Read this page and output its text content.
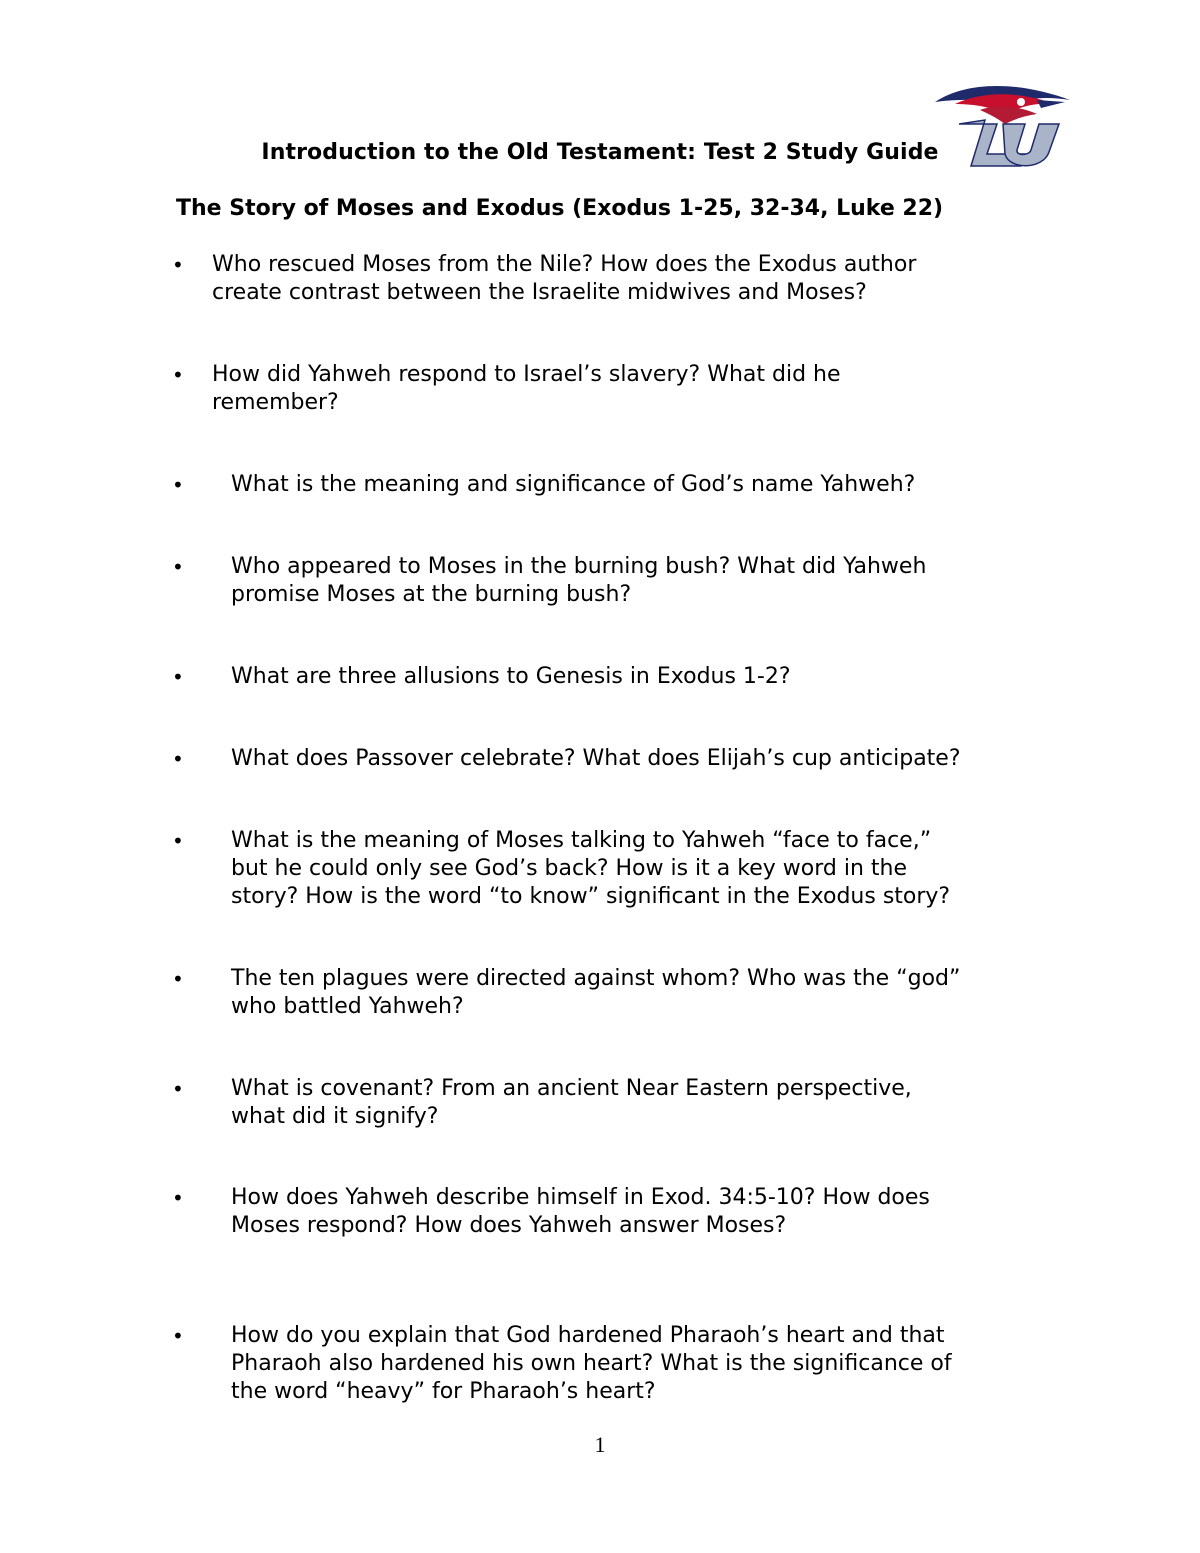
LU
Introduction to the Old Testament: Test 2 Study Guide
The Story of Moses and Exodus (Exodus 1-25, 32-34, Luke 22)
• Who rescued Moses from the Nile? How does the Exodus author
create contrast between the Israelite midwives and Moses?
• How did Yahweh respond to Israel’s slavery? What did he
remember?
• What is the meaning and significance of God’s name Yahweh?
• Who appeared to Moses in the burning bush? What did Yahweh
promise Moses at the burning bush?
• What are three allusions to Genesis in Exodus 1-2?
• What does Passover celebrate? What does Elijah’s cup anticipate?
• What is the meaning of Moses talking to Yahweh “face to face,”
but he could only see God’s back? How is it a key word in the
story? How is the word “to know” significant in the Exodus story?
• The ten plagues were directed against whom? Who was the “god”
who battled Yahweh?
• What is covenant? From an ancient Near Eastern perspective,
what did it signify?
• How does Yahweh describe himself in Exod. 34:5-10? How does
Moses respond? How does Yahweh answer Moses?
• How do you explain that God hardened Pharaoh’s heart and that
Pharaoh also hardened his own heart? What is the significance of
the word “heavy” for Pharaoh’s heart?
1
